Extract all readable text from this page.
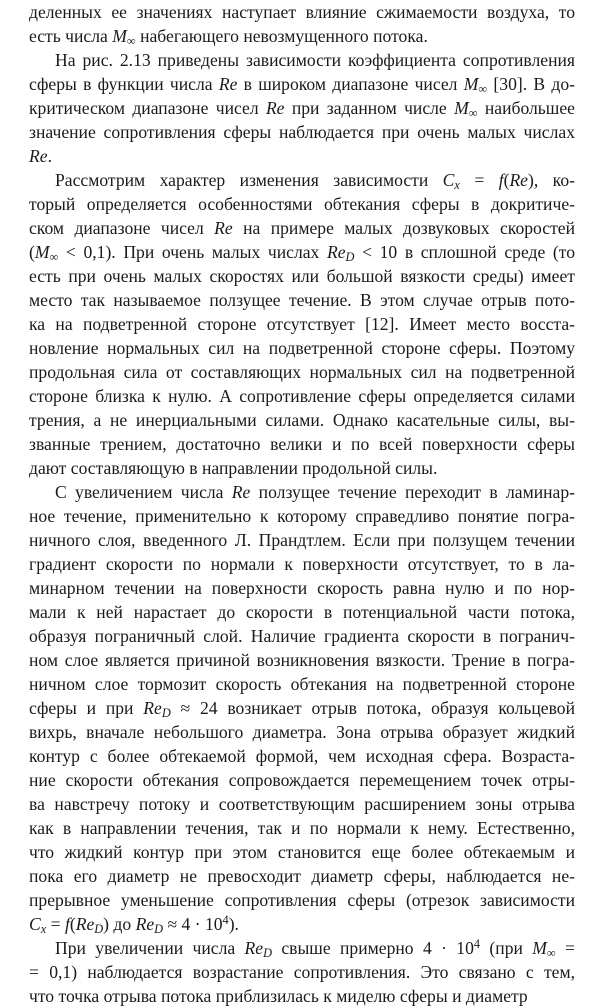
деленных ее значениях наступает влияние сжимаемости воздуха, то
есть числа $M_\infty$ набегающего невозмущенного потока.
На рис. 2.13 приведены зависимости коэффициента сопротивления
сферы в функции числа Re в широком диапазоне чисел $M_\infty$ [30]. В до-
критическом диапазоне чисел Re при заданном числе $M_\infty$ наибольшее
значение сопротивления сферы наблюдается при очень малых числах
Re.
Рассмотрим характер изменения зависимости $C_x = f(Re)$, ко-
торый определяется особенностями обтекания сферы в докритиче-
ском диапазоне чисел Re на примере малых дозвуковых скоростей
$(M_\infty < 0,1)$. При очень малых числах $Re_D < 10$ в сплошной среде (то
есть при очень малых скоростях или большой вязкости среды) имеет
место так называемое ползущее течение. В этом случае отрыв пото-
ка на подветренной стороне отсутствует [12]. Имеет место восста-
новление нормальных сил на подветренной стороне сферы. Поэтому
продольная сила от составляющих нормальных сил на подветренной
стороне близка к нулю. А сопротивление сферы определяется силами
трения, а не инерциальными силами. Однако касательные силы, вы-
званные трением, достаточно велики и по всей поверхности сферы
дают составляющую в направлении продольной силы.
С увеличением числа Re ползущее течение переходит в ламинар-
ное течение, применительно к которому справедливо понятие погра-
ничного слоя, введенного Л. Прандтлем. Если при ползущем течении
градиент скорости по нормали к поверхности отсутствует, то в ла-
минарном течении на поверхности скорость равна нулю и по нор-
мали к ней нарастает до скорости в потенциальной части потока,
образуя пограничный слой. Наличие градиента скорости в погранич-
ном слое является причиной возникновения вязкости. Трение в погра-
ничном слое тормозит скорость обтекания на подветренной стороне
сферы и при $Re_D \approx 24$ возникает отрыв потока, образуя кольцевой
вихрь, вначале небольшого диаметра. Зона отрыва образует жидкий
контур с более обтекаемой формой, чем исходная сфера. Возраста-
ние скорости обтекания сопровождается перемещением точек отры-
ва навстречу потоку и соответствующим расширением зоны отрыва
как в направлении течения, так и по нормали к нему. Естественно,
что жидкий контур при этом становится еще более обтекаемым и
пока его диаметр не превосходит диаметр сферы, наблюдается не-
прерывное уменьшение сопротивления сферы (отрезок зависимости
$C_x = f(Re_D)$ до $Re_D \approx 4 \cdot 10^4$).
При увеличении числа $Re_D$ свыше примерно $4 \cdot 10^4$ (при $M_\infty$ =
= 0,1) наблюдается возрастание сопротивления. Это связано с тем,
что точка отрыва потока приблизилась к миделю сферы и диаметр
